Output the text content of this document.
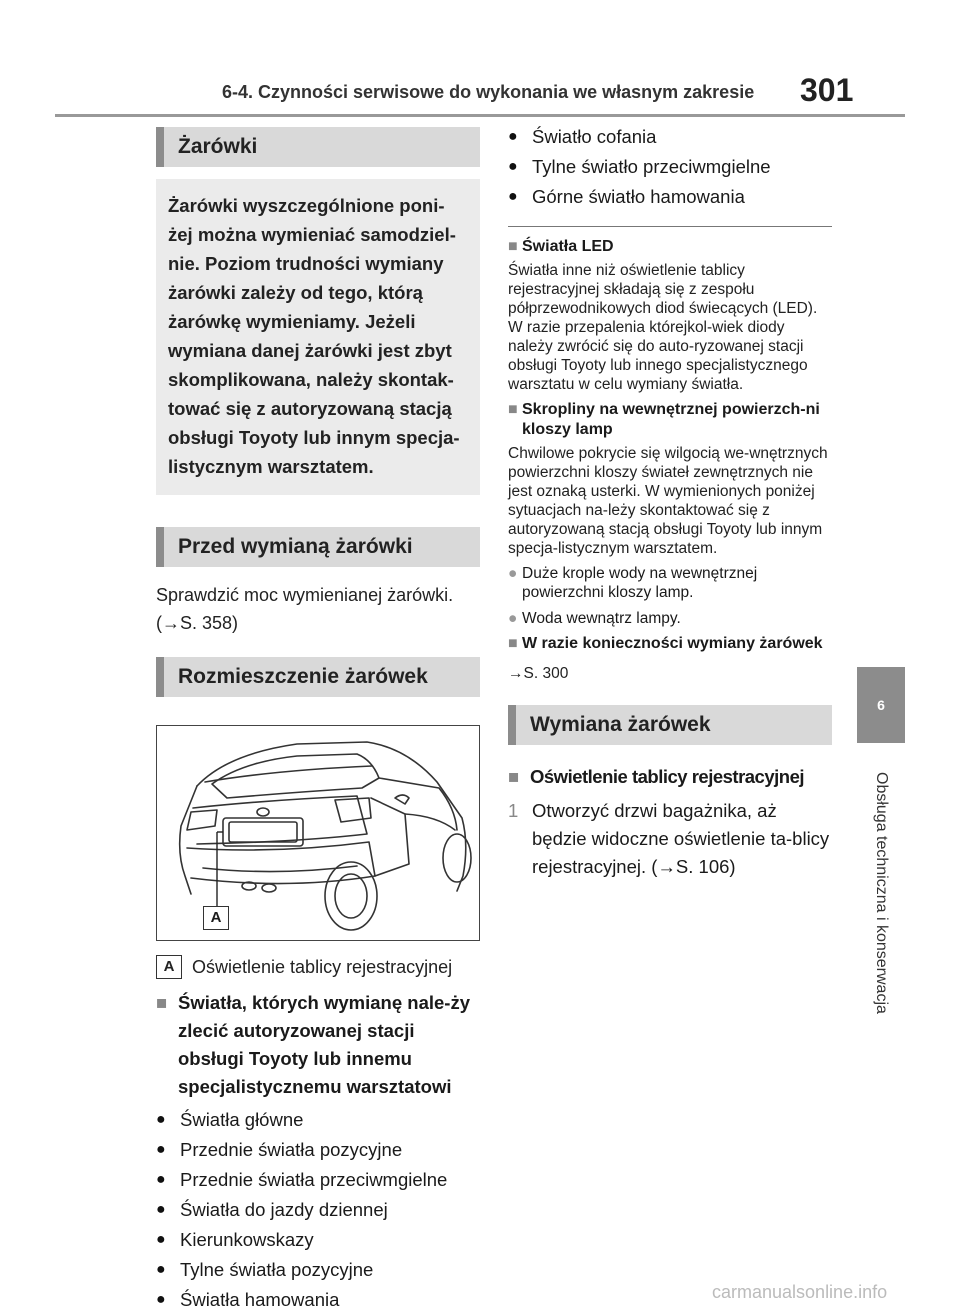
6-4. Czynności serwisowe do wykonania we własnym zakresie 301
6
Obsługa techniczna i konserwacja
Żarówki
Żarówki wyszczególnione poni-żej można wymieniać samodziel-nie. Poziom trudności wymiany żarówki zależy od tego, którą żarówkę wymieniamy. Jeżeli wymiana danej żarówki jest zbyt skomplikowana, należy skontak-tować się z autoryzowaną stacją obsługi Toyoty lub innym specja-listycznym warsztatem.
Przed wymianą żarówki
Sprawdzić moc wymienianej żarówki.
(→S. 358)
Rozmieszczenie żarówek
A
A Oświetlenie tablicy rejestracyjnej
■ Światła, których wymianę nale-ży zlecić autoryzowanej stacji obsługi Toyoty lub innemu specjalistycznemu warsztatowi
● Światła główne
● Przednie światła pozycyjne
● Przednie światła przeciwmgielne
● Światła do jazdy dziennej
● Kierunkowskazy
● Tylne światła pozycyjne
● Światła hamowania
● Światło cofania
● Tylne światło przeciwmgielne
● Górne światło hamowania
■ Światła LED
Światła inne niż oświetlenie tablicy rejestracyjnej składają się z zespołu półprzewodnikowych diod świecących (LED). W razie przepalenia którejkol-wiek diody należy zwrócić się do auto-ryzowanej stacji obsługi Toyoty lub innego specjalistycznego warsztatu w celu wymiany światła.
■ Skropliny na wewnętrznej powierzch-ni kloszy lamp
Chwilowe pokrycie się wilgocią we-wnętrznych powierzchni kloszy świateł zewnętrznych nie jest oznaką usterki. W wymienionych poniżej sytuacjach na-leży skontaktować się z autoryzowaną stacją obsługi Toyoty lub innym specja-listycznym warsztatem.
● Duże krople wody na wewnętrznej powierzchni kloszy lamp.
● Woda wewnątrz lampy.
■ W razie konieczności wymiany żarówek
→S. 300
Wymiana żarówek
■ Oświetlenie tablicy rejestracyjnej
1 Otworzyć drzwi bagażnika, aż będzie widoczne oświetlenie ta-blicy rejestracyjnej. (→S. 106)
carmanualsonline.info
